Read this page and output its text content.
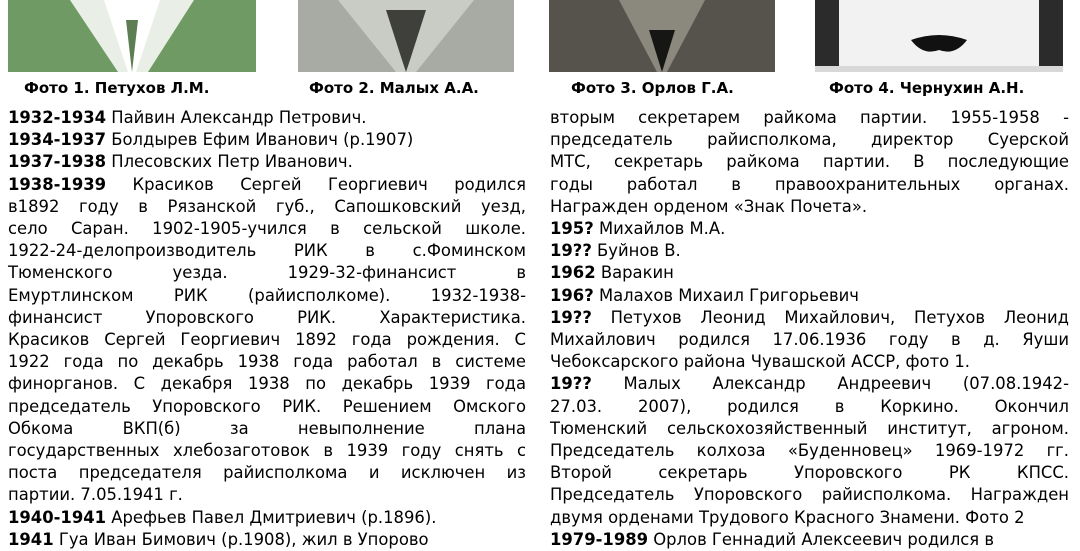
Фото 1. Петухов Л.М.	Фото 2. Малых А.А.	Фото 3. Орлов Г.А.	Фото 4. Чернухин А.Н.

1932-1934 Пайвин Александр Петрович.

1934-1937 Болдырев Ефим Иванович (р.1907)

1937-1938 Плесовских Петр Иванович.

1938-1939 Красиков Сергей Георгиевич родился
в1892 году в Рязанской губ., Сапошковский уезд,
село Саран. 1902-1905-учился в сельской школе.
1922-24-делопроизводитель РИК в с.Фоминском
Тюменского уезда. 1929-32-финансист в
Емуртлинском РИК (райисполкоме). 1932-1938-
финансист Упоровского РИК. Характеристика.
Красиков Сергей Георгиевич 1892 года рождения. С
1922 года по декабрь 1938 года работал в системе
финорганов. С декабря 1938 по декабрь 1939 года
председатель Упоровского РИК. Решением Омского
Обкома ВКП(б) за невыполнение плана
государственных хлебозаготовок в 1939 году снять с
поста председателя райисполкома и исключен из
партии. 7.05.1941 г.

1940-1941 Арефьев Павел Дмитриевич (р.1896).

1941 Гуа Иван Бимович (р.1908), жил в Упорово

вторым секретарем райкома партии. 1955-1958 -
председатель райисполкома, директор Суерской
МТС, секретарь райкома партии. В последующие
годы работал в правоохранительных органах.
Награжден орденом «Знак Почета».

195? Михайлов М.А.

19?? Буйнов В.

1962 Варакин

196? Малахов Михаил Григорьевич

19?? Петухов Леонид Михайлович, Петухов Леонид
Михайлович родился 17.06.1936 году в д. Яуши
Чебоксарского района Чувашской АССР, фото 1.
19?? Малых Александр Андреевич (07.08.1942-
27.03. 2007), родился в Коркино. Окончил
Тюменский сельскохозяйственный институт, агроном.
Председатель колхоза «Буденновец» 1969-1972 гг.
Второй секретарь Упоровского РК КПСС.
Председатель Упоровского райисполкома. Награжден
двумя орденами Трудового Красного Знамени. Фото 2

1979-1989 Орлов Геннадий Алексеевич родился в
